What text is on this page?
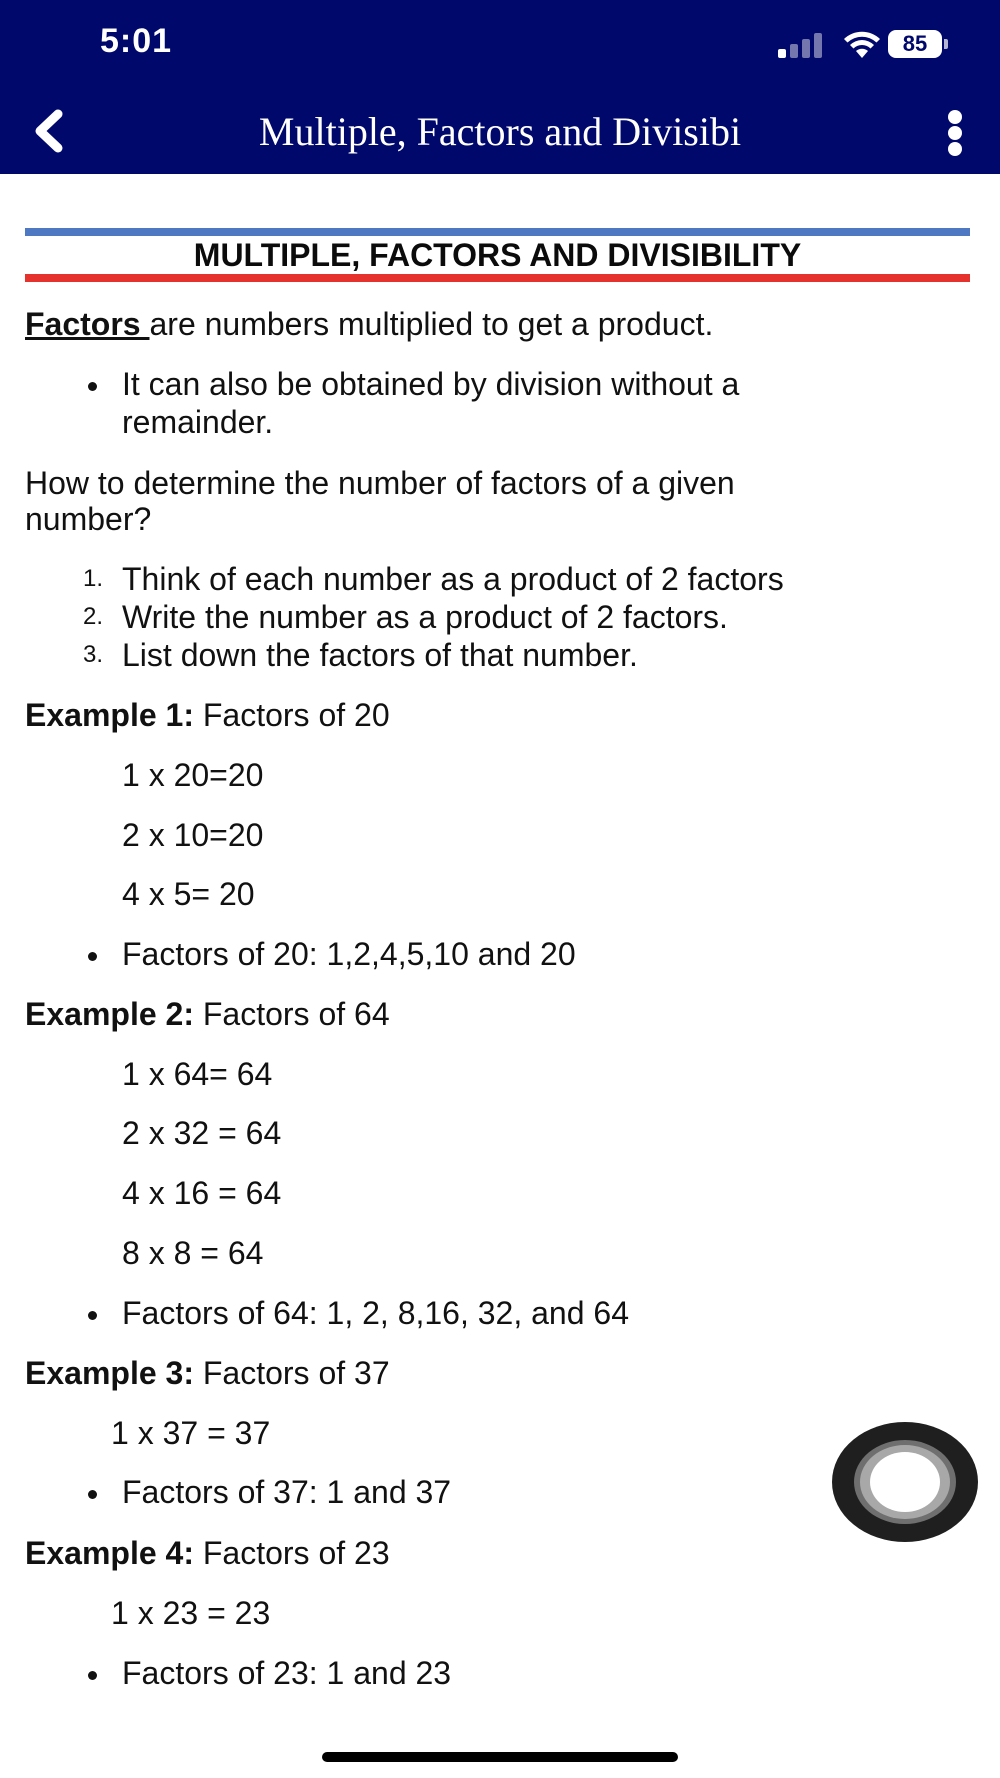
5:01	85
Multiple, Factors and Divisibi
MULTIPLE, FACTORS AND DIVISIBILITY
Factors are numbers multiplied to get a product.
It can also be obtained by division without a
remainder.
How to determine the number of factors of a given
number?
1. Think of each number as a product of 2 factors
2. Write the number as a product of 2 factors.
3. List down the factors of that number.
Example 1: Factors of 20
1 x 20=20
2 x 10=20
4 x 5= 20
Factors of 20: 1,2,4,5,10 and 20
Example 2: Factors of 64
1 x 64= 64
2 x 32 = 64
4 x 16 = 64
8 x 8 = 64
Factors of 64: 1, 2, 8,16, 32, and 64
Example 3: Factors of 37
1 x 37 = 37
Factors of 37: 1 and 37
Example 4: Factors of 23
1 x 23 = 23
Factors of 23: 1 and 23
